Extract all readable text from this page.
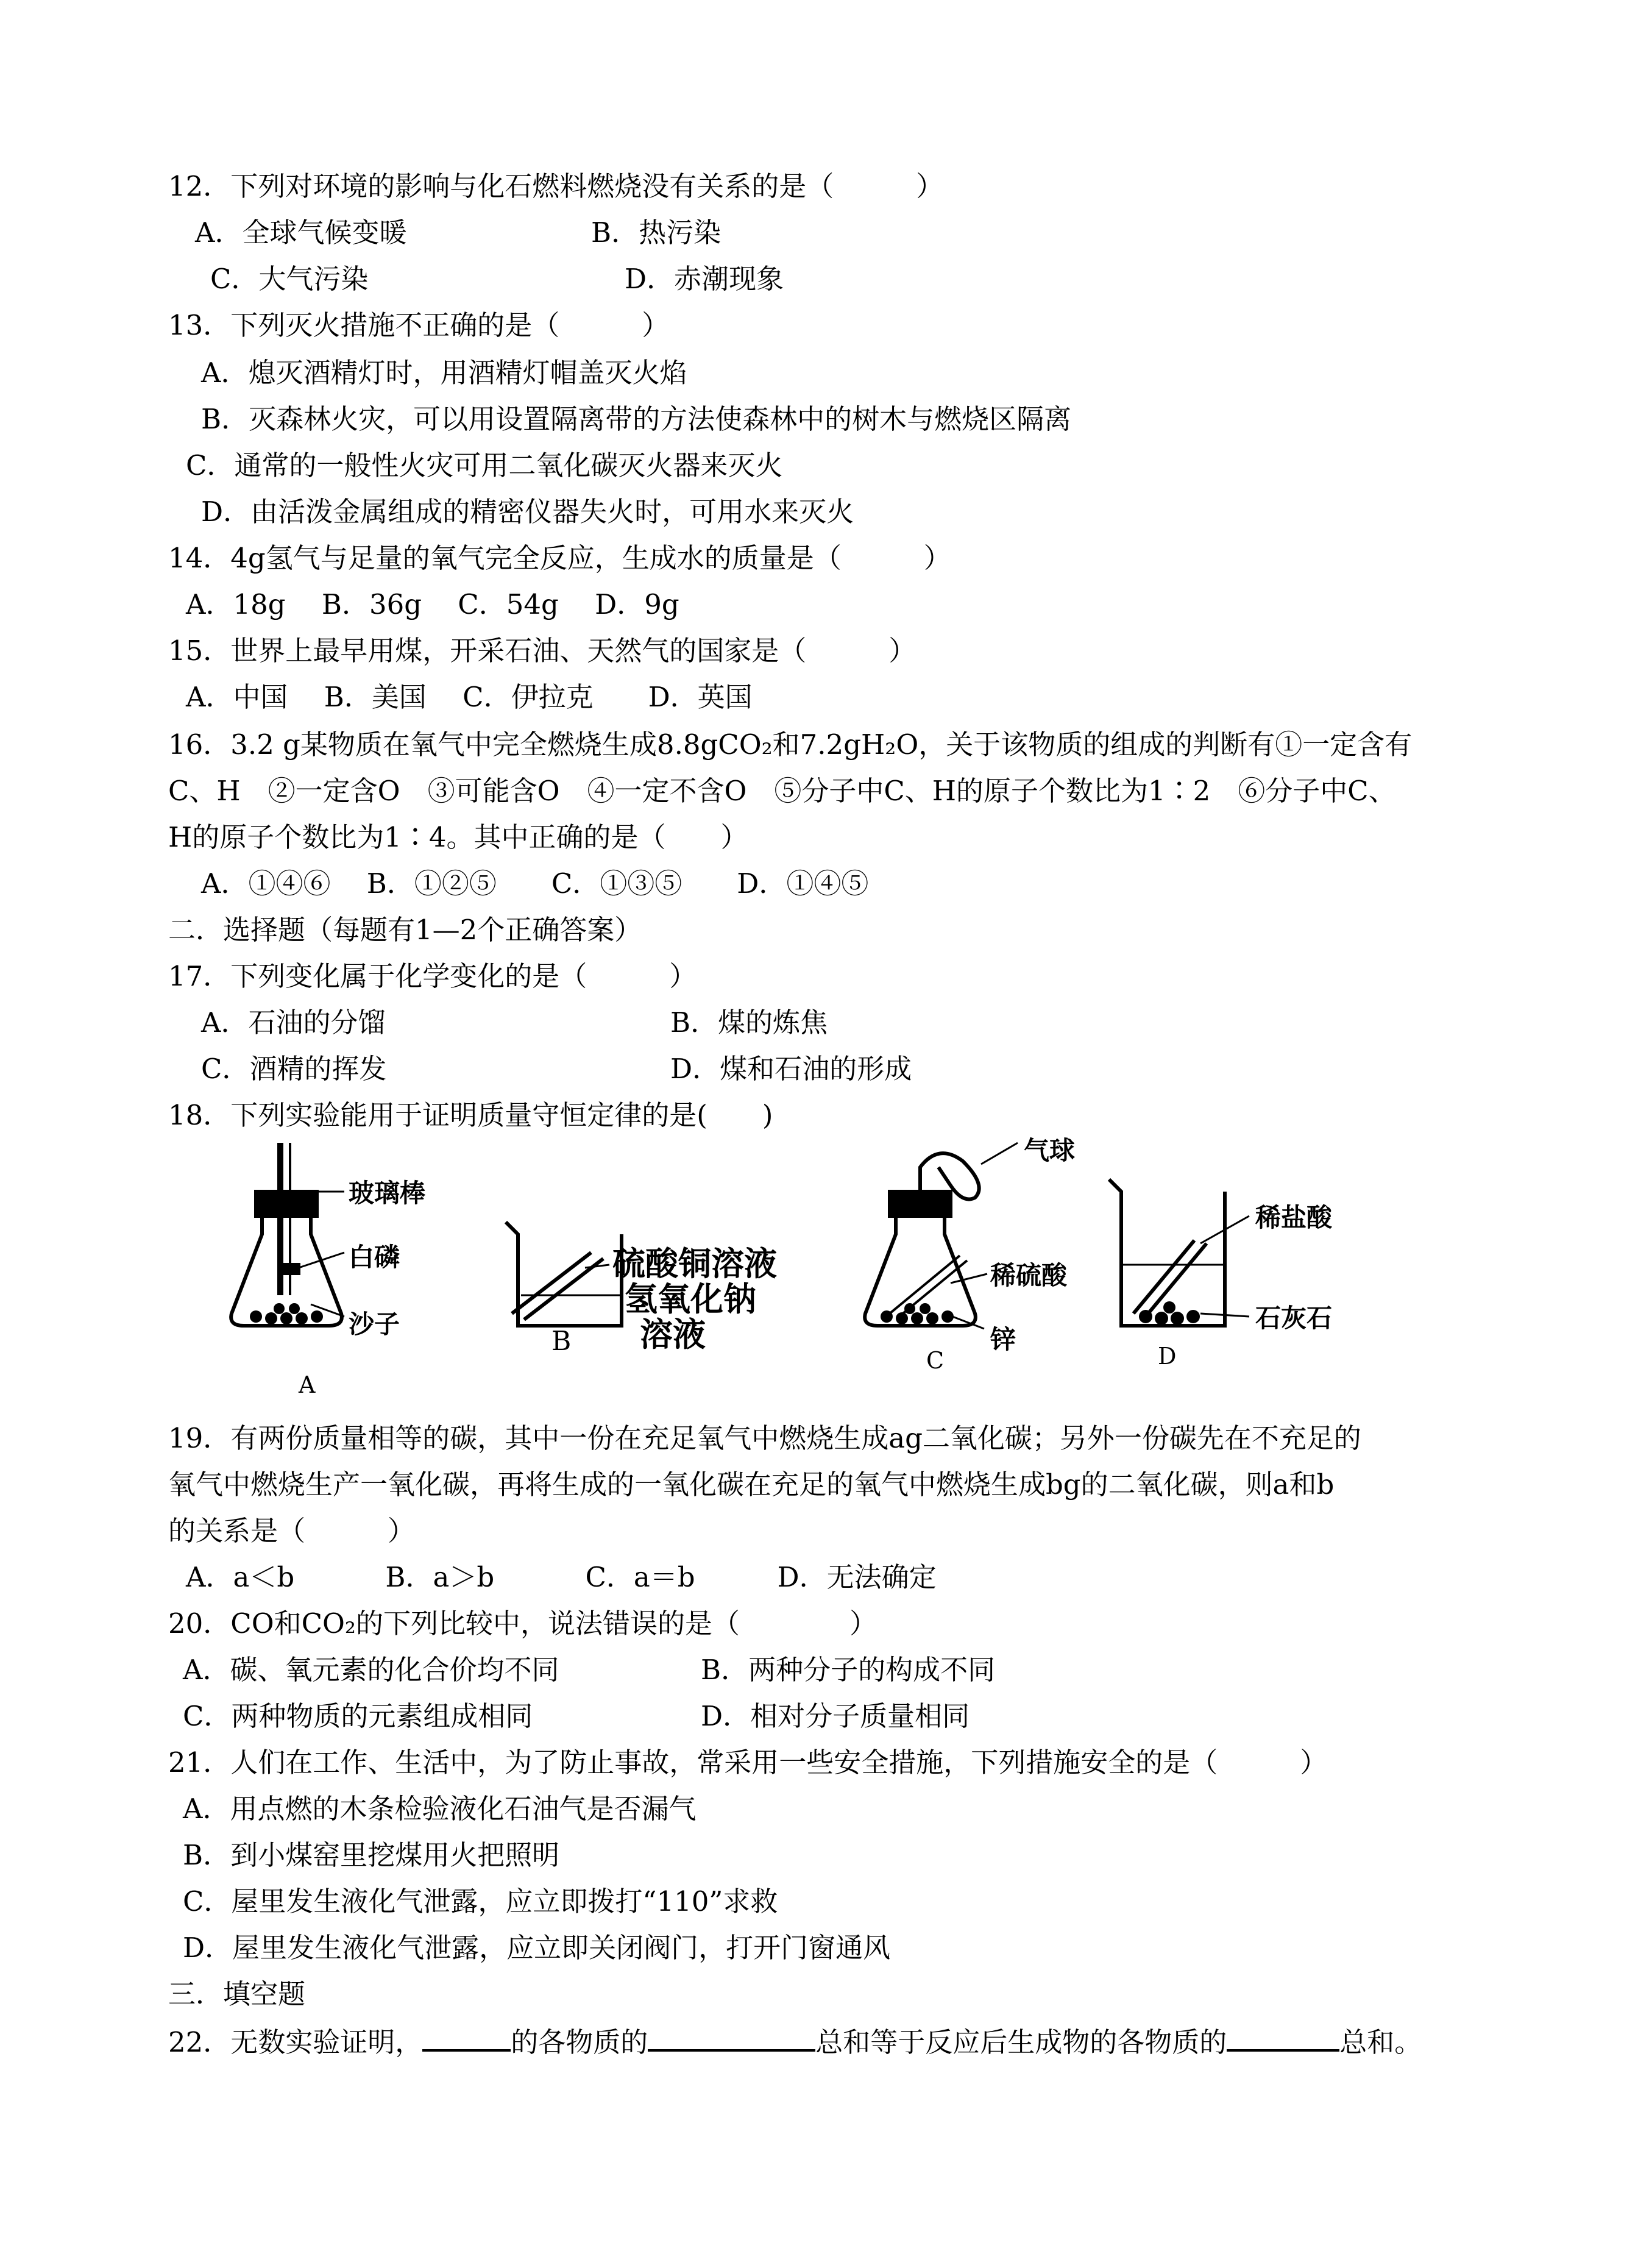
12．下列对环境的影响与化石燃料燃烧没有关系的是（　　　）
A．全球气候变暖	B．热污染
C．大气污染	D．赤潮现象
13．下列灭火措施不正确的是（　　　）
A．熄灭酒精灯时，用酒精灯帽盖灭火焰
B．灭森林火灾，可以用设置隔离带的方法使森林中的树木与燃烧区隔离
C．通常的一般性火灾可用二氧化碳灭火器来灭火
D．由活泼金属组成的精密仪器失火时，可用水来灭火
14．4g氢气与足量的氧气完全反应，生成水的质量是（　　　）
A．18g　 B．36g　 C．54g　 D．9g
15．世界上最早用煤，开采石油、天然气的国家是（　　　）
A．中国　 B．美国　 C．伊拉克　　D．英国
16．3.2 g某物质在氧气中完全燃烧生成8.8gCO₂和7.2gH₂O，关于该物质的组成的判断有①一定含有
C、H　②一定含O　③可能含O　④一定不含O　⑤分子中C、H的原子个数比为1∶2　⑥分子中C、
H的原子个数比为1∶4。其中正确的是（　　）
A．①④⑥　 B．①②⑤　　C．①③⑤　　D．①④⑤
二．选择题（每题有1—2个正确答案）
17．下列变化属于化学变化的是（　　　）
A．石油的分馏	B．煤的炼焦
C．酒精的挥发	D．煤和石油的形成
18．下列实验能用于证明质量守恒定律的是(　　)
玻璃棒
白磷
沙子
A
硫酸铜溶液
氢氧化钠
溶液
B
气球
稀硫酸
锌
C
稀盐酸
石灰石
D
19．有两份质量相等的碳，其中一份在充足氧气中燃烧生成ag二氧化碳；另外一份碳先在不充足的
氧气中燃烧生产一氧化碳，再将生成的一氧化碳在充足的氧气中燃烧生成bg的二氧化碳，则a和b
的关系是（　　　）
A．a＜b　　　 B．a＞b　　　 C．a＝b　　　D．无法确定
20．CO和CO₂的下列比较中，说法错误的是（　　　　）
A．碳、氧元素的化合价均不同	B．两种分子的构成不同
C．两种物质的元素组成相同	D．相对分子质量相同
21．人们在工作、生活中，为了防止事故，常采用一些安全措施，下列措施安全的是（　　　）
A．用点燃的木条检验液化石油气是否漏气
B．到小煤窑里挖煤用火把照明
C．屋里发生液化气泄露，应立即拨打“110”求救
D．屋里发生液化气泄露，应立即关闭阀门，打开门窗通风
三．填空题
22．无数实验证明，	的各物质的	总和等于反应后生成物的各物质的	总和。
